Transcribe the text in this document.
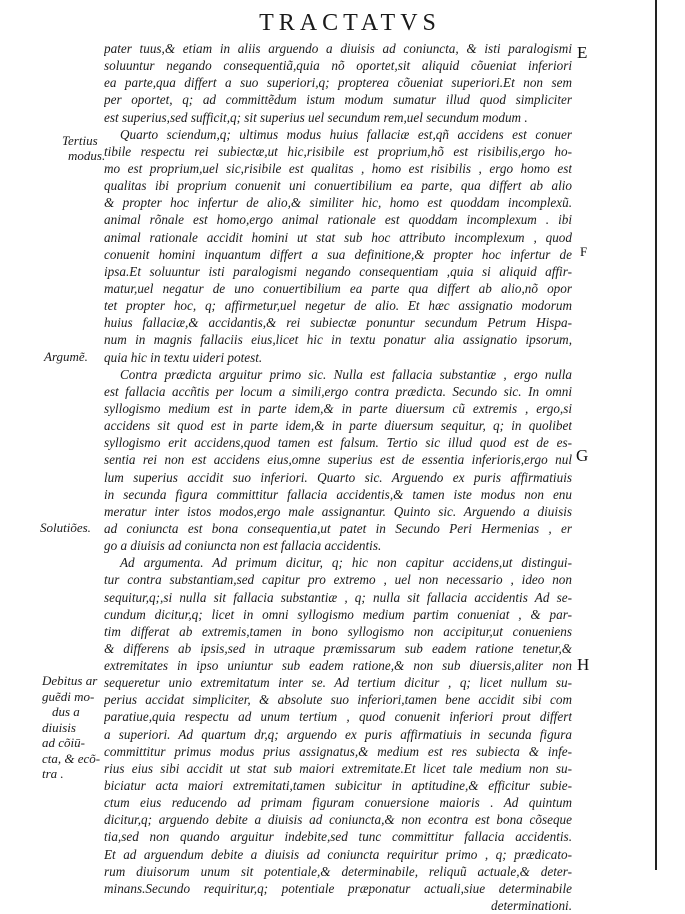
TRACTATVS
Tertius
modus.
Argumẽ.
Solutiões.
Debitus ar
guẽdi mo-
dus a
diuisis
ad cõiū-
cta, & ecõ-
tra .
E
F
G
H
pater tuus,& etiam in aliis arguendo a diuisis ad coniuncta, & isti paralogismi
soluuntur negando consequentiã,quia nõ oportet,sit aliquid cõueniat inferiori
ea parte,qua differt a suo superiori,q; propterea cõueniat superiori.Et non sem
per oportet, q; ad committẽdum istum modum sumatur illud quod simpliciter
est superius,sed sufficit,q; sit superius uel secundum rem,uel secundum modum .
Quarto sciendum,q; ultimus modus huius fallaciæ est,qñ accidens est conuer
tibile respectu rei subiectæ,ut hic,risibile est proprium,hõ est risibilis,ergo ho-
mo est proprium,uel sic,risibile est qualitas , homo est risibilis , ergo homo est
qualitas ibi proprium conuenit uni conuertibilium ea parte, qua differt ab alio
& propter hoc infertur de alio,& similiter hic, homo est quoddam incomplexũ.
animal rõnale est homo,ergo animal rationale est quoddam incomplexum . ibi
animal rationale accidit homini ut stat sub hoc attributo incomplexum , quod
conuenit homini inquantum differt a sua definitione,& propter hoc infertur de
ipsa.Et soluuntur isti paralogismi negando consequentiam ,quia si aliquid affir-
matur,uel negatur de uno conuertibilium ea parte qua differt ab alio,nõ opor
tet propter hoc, q; affirmetur,uel negetur de alio. Et hæc assignatio modorum
huius fallaciæ,& accidantis,& rei subiectæ ponuntur secundum Petrum Hispa-
num in magnis fallaciis eius,licet hic in textu ponatur alia assignatio ipsorum,
quia hic in textu uideri potest.
Contra prædicta arguitur primo sic. Nulla est fallacia substantiæ , ergo nulla
est fallacia accñtis per locum a simili,ergo contra prædicta. Secundo sic. In omni
syllogismo medium est in parte idem,& in parte diuersum cũ extremis , ergo,si
accidens sit quod est in parte idem,& in parte diuersum sequitur, q; in quolibet
syllogismo erit accidens,quod tamen est falsum. Tertio sic illud quod est de es-
sentia rei non est accidens eius,omne superius est de essentia inferioris,ergo nul
lum superius accidit suo inferiori. Quarto sic. Arguendo ex puris affirmatiuis
in secunda figura committitur fallacia accidentis,& tamen iste modus non enu
meratur inter istos modos,ergo male assignantur. Quinto sic. Arguendo a diuisis
ad coniuncta est bona consequentia,ut patet in Secundo Peri Hermenias , er
go a diuisis ad coniuncta non est fallacia accidentis.
Ad argumenta. Ad primum dicitur, q; hic non capitur accidens,ut distingui-
tur contra substantiam,sed capitur pro extremo , uel non necessario , ideo non
sequitur,q;,si nulla sit fallacia substantiæ , q; nulla sit fallacia accidentis Ad se-
cundum dicitur,q; licet in omni syllogismo medium partim conueniat , & par-
tim differat ab extremis,tamen in bono syllogismo non accipitur,ut conueniens
& differens ab ipsis,sed in utraque præmissarum sub eadem ratione tenetur,&
extremitates in ipso uniuntur sub eadem ratione,& non sub diuersis,aliter non
sequeretur unio extremitatum inter se. Ad tertium dicitur , q; licet nullum su-
perius accidat simpliciter, & absolute suo inferiori,tamen bene accidit sibi com
paratiue,quia respectu ad unum tertium , quod conuenit inferiori prout differt
a superiori. Ad quartum dr,q; arguendo ex puris affirmatiuis in secunda figura
committitur primus modus prius assignatus,& medium est res subiecta & infe-
rius eius sibi accidit ut stat sub maiori extremitate.Et licet tale medium non su-
biciatur acta maiori extremitati,tamen subicitur in aptitudine,& efficitur subie-
ctum eius reducendo ad primam figuram conuersione maioris . Ad quintum
dicitur,q; arguendo debite a diuisis ad coniuncta,& non econtra est bona cõseque
tia,sed non quando arguitur indebite,sed tunc committitur fallacia accidentis.
Et ad arguendum debite a diuisis ad coniuncta requiritur primo , q; prædicato-
rum diuisorum unum sit potentiale,& determinabile, reliquũ actuale,& deter-
minans.Secundo requiritur,q; potentiale præponatur actuali,siue determinabile
determinationi.
